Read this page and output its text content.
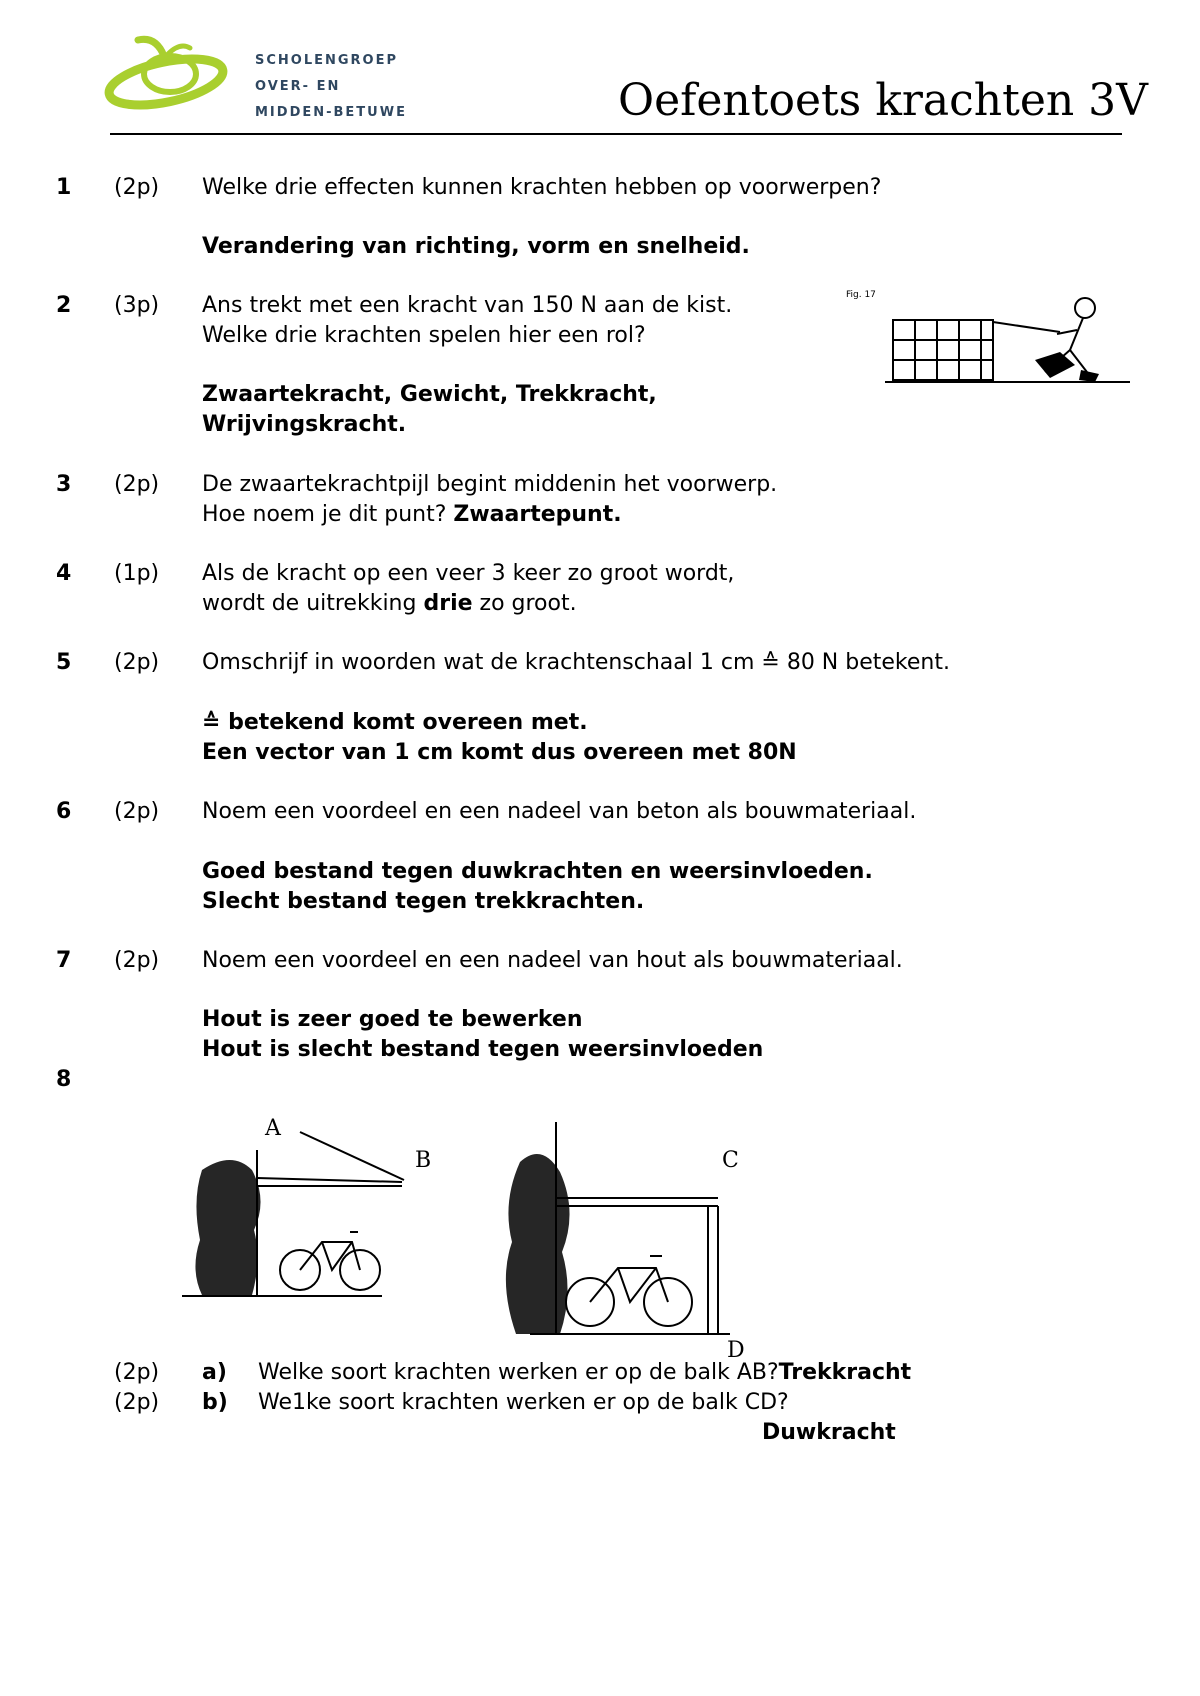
SCHOLENGROEP
OVER- EN
MIDDEN-BETUWE	Oefentoets krachten 3V
1 (2p) Welke drie effecten kunnen krachten hebben op voorwerpen?
Verandering van richting, vorm en snelheid.
2 (3p) Ans trekt met een kracht van 150 N aan de kist.
Welke drie krachten spelen hier een rol?
Zwaartekracht, Gewicht, Trekkracht,
Wrijvingskracht.
Fig. 17
3 (2p) De zwaartekrachtpijl begint middenin het voorwerp.
Hoe noem je dit punt? Zwaartepunt.
4 (1p) Als de kracht op een veer 3 keer zo groot wordt,
wordt de uitrekking drie zo groot.
5 (2p) Omschrijf in woorden wat de krachtenschaal 1 cm ≙ 80 N betekent.
≙ betekend komt overeen met.
Een vector van 1 cm komt dus overeen met 80N
6 (2p) Noem een voordeel en een nadeel van beton als bouwmateriaal.
Goed bestand tegen duwkrachten en weersinvloeden.
Slecht bestand tegen trekkrachten.
7 (2p) Noem een voordeel en een nadeel van hout als bouwmateriaal.
Hout is zeer goed te bewerken
Hout is slecht bestand tegen weersinvloeden
8
A
B	C
D
(2p) a) Welke soort krachten werken er op de balk AB?Trekkracht
(2p) b) We1ke soort krachten werken er op de balk CD?
Duwkracht
